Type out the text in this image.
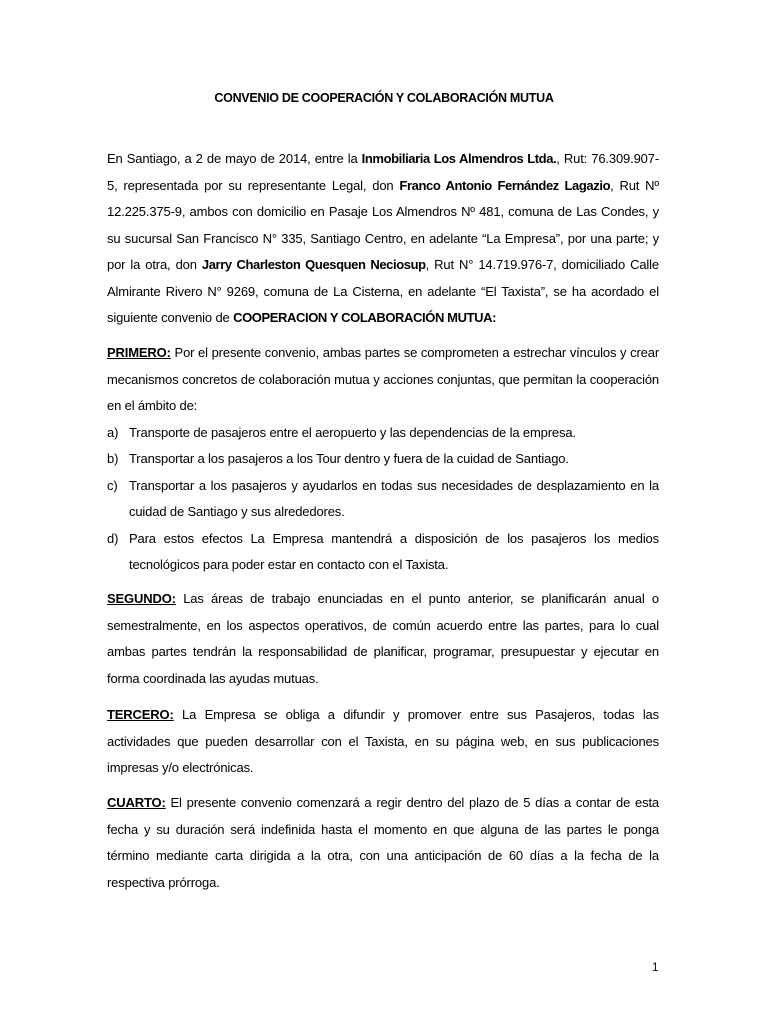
CONVENIO DE COOPERACIÓN Y COLABORACIÓN MUTUA

En Santiago, a 2 de mayo de 2014, entre la Inmobiliaria Los Almendros Ltda., Rut: 76.309.907-5, representada por su representante Legal, don Franco Antonio Fernández Lagazio, Rut Nº 12.225.375-9, ambos con domicilio en Pasaje Los Almendros Nº 481, comuna de Las Condes, y su sucursal San Francisco N° 335, Santiago Centro, en adelante “La Empresa”, por una parte; y por la otra, don Jarry Charleston Quesquen Neciosup, Rut N° 14.719.976-7, domiciliado Calle Almirante Rivero N° 9269, comuna de La Cisterna, en adelante “El Taxista”, se ha acordado el siguiente convenio de COOPERACION Y COLABORACIÓN MUTUA:

PRIMERO: Por el presente convenio, ambas partes se comprometen a estrechar vínculos y crear mecanismos concretos de colaboración mutua y acciones conjuntas, que permitan la cooperación en el ámbito de:
a) Transporte de pasajeros entre el aeropuerto y las dependencias de la empresa.
b) Transportar a los pasajeros a los Tour dentro y fuera de la cuidad de Santiago.
c) Transportar a los pasajeros y ayudarlos en todas sus necesidades de desplazamiento en la cuidad de Santiago y sus alrededores.
d) Para estos efectos La Empresa mantendrá a disposición de los pasajeros los medios tecnológicos para poder estar en contacto con el Taxista.

SEGUNDO: Las áreas de trabajo enunciadas en el punto anterior, se planificarán anual o semestralmente, en los aspectos operativos, de común acuerdo entre las partes, para lo cual ambas partes tendrán la responsabilidad de planificar, programar, presupuestar y ejecutar en forma coordinada las ayudas mutuas.

TERCERO: La Empresa se obliga a difundir y promover entre sus Pasajeros, todas las actividades que pueden desarrollar con el Taxista, en su página web, en sus publicaciones impresas y/o electrónicas.

CUARTO: El presente convenio comenzará a regir dentro del plazo de 5 días a contar de esta fecha y su duración será indefinida hasta el momento en que alguna de las partes le ponga término mediante carta dirigida a la otra, con una anticipación de 60 días a la fecha de la respectiva prórroga.

1
